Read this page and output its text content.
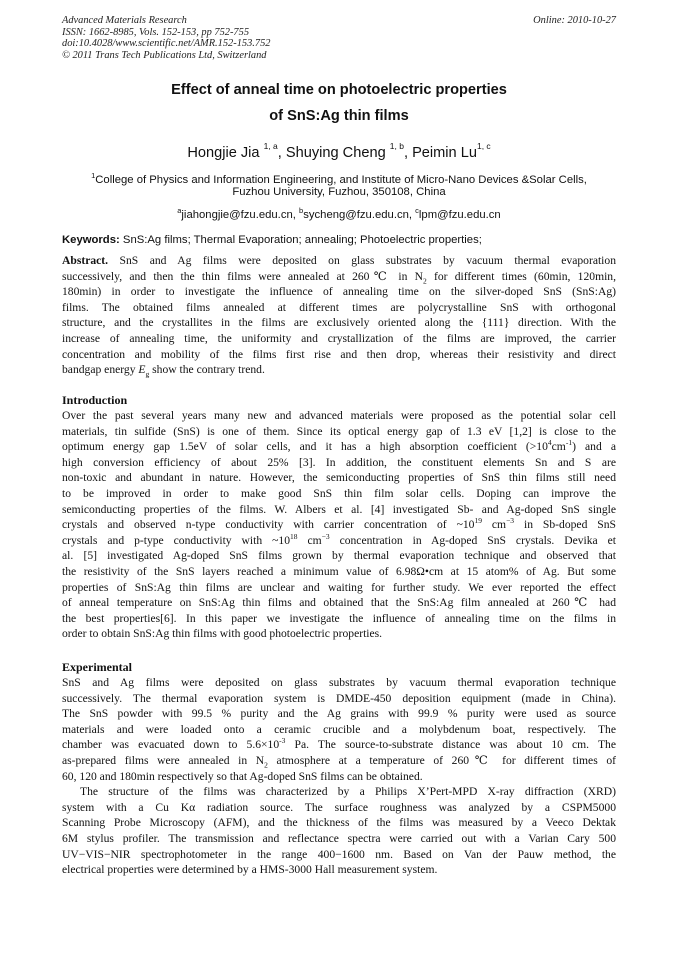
Advanced Materials Research
ISSN: 1662-8985, Vols. 152-153, pp 752-755
doi:10.4028/www.scientific.net/AMR.152-153.752
© 2011 Trans Tech Publications Ltd, Switzerland
Online: 2010-10-27
Effect of anneal time on photoelectric properties
of SnS:Ag thin films
Hongjie Jia $^{1, a}$, Shuying Cheng $^{1, b}$, Peimin Lu$^{1, c}$
$^1$College of Physics and Information Engineering, and Institute of Micro-Nano Devices &Solar Cells,
Fuzhou University, Fuzhou, 350108, China
$^a$jiahongjie@fzu.edu.cn, $^b$sycheng@fzu.edu.cn, $^c$lpm@fzu.edu.cn
Keywords: SnS:Ag films; Thermal Evaporation; annealing; Photoelectric properties;
Abstract. SnS and Ag films were deposited on glass substrates by vacuum thermal evaporation
successively, and then the thin films were annealed at 260℃ in $N_2$ for different times (60min, 120min,
180min) in order to investigate the influence of annealing time on the silver-doped SnS (SnS:Ag)
films. The obtained films annealed at different times are polycrystalline SnS with orthogonal
structure, and the crystallites in the films are exclusively oriented along the {111} direction. With the
increase of annealing time, the uniformity and crystallization of the films are improved, the carrier
concentration and mobility of the films first rise and then drop, whereas their resistivity and direct
bandgap energy $E_g$ show the contrary trend.
Introduction
Over the past several years many new and advanced materials were proposed as the potential solar cell
materials, tin sulfide (SnS) is one of them. Since its optical energy gap of 1.3 eV [1,2] is close to the
optimum energy gap 1.5eV of solar cells, and it has a high absorption coefficient $(>10^4cm^{-1})$ and a
high conversion efficiency of about 25% [3]. In addition, the constituent elements Sn and S are
non-toxic and abundant in nature. However, the semiconducting properties of SnS thin films still need
to be improved in order to make good SnS thin film solar cells. Doping can improve the
semiconducting properties of the films. W. Albers et al. [4] investigated Sb- and Ag-doped SnS single
crystals and observed n-type conductivity with carrier concentration of $\sim 10^{19}$ $cm^{-3}$ in Sb-doped SnS
crystals and p-type conductivity with $\sim 10^{18}$ $cm^{-3}$ concentration in Ag-doped SnS crystals. Devika et
al. [5] investigated Ag-doped SnS films grown by thermal evaporation technique and observed that
the resistivity of the SnS layers reached a minimum value of 6.98Ω•cm at 15 atom% of Ag. But some
properties of SnS:Ag thin films are unclear and waiting for further study. We ever reported the effect
of anneal temperature on SnS:Ag thin films and obtained that the SnS:Ag film annealed at 260℃ had
the best properties[6]. In this paper we investigate the influence of annealing time on the films in
order to obtain SnS:Ag thin films with good photoelectric properties.
Experimental
SnS and Ag films were deposited on glass substrates by vacuum thermal evaporation technique
successively. The thermal evaporation system is DMDE-450 deposition equipment (made in China).
The SnS powder with 99.5 % purity and the Ag grains with 99.9 % purity were used as source
materials and were loaded onto a ceramic crucible and a molybdenum boat, respectively. The
chamber was evacuated down to $5.6\times 10^{-3}$ Pa. The source-to-substrate distance was about 10 cm. The
as-prepared films were annealed in $N_2$ atmosphere at a temperature of 260℃ for different times of
60, 120 and 180min respectively so that Ag-doped SnS films can be obtained.
The structure of the films was characterized by a Philips X’Pert-MPD X-ray diffraction (XRD)
system with a Cu Kα radiation source. The surface roughness was analyzed by a CSPM5000
Scanning Probe Microscopy (AFM), and the thickness of the films was measured by a Veeco Dektak
6M stylus profiler. The transmission and reflectance spectra were carried out with a Varian Cary 500
UV−VIS−NIR spectrophotometer in the range 400−1600 nm. Based on Van der Pauw method, the
electrical properties were determined by a HMS-3000 Hall measurement system.
